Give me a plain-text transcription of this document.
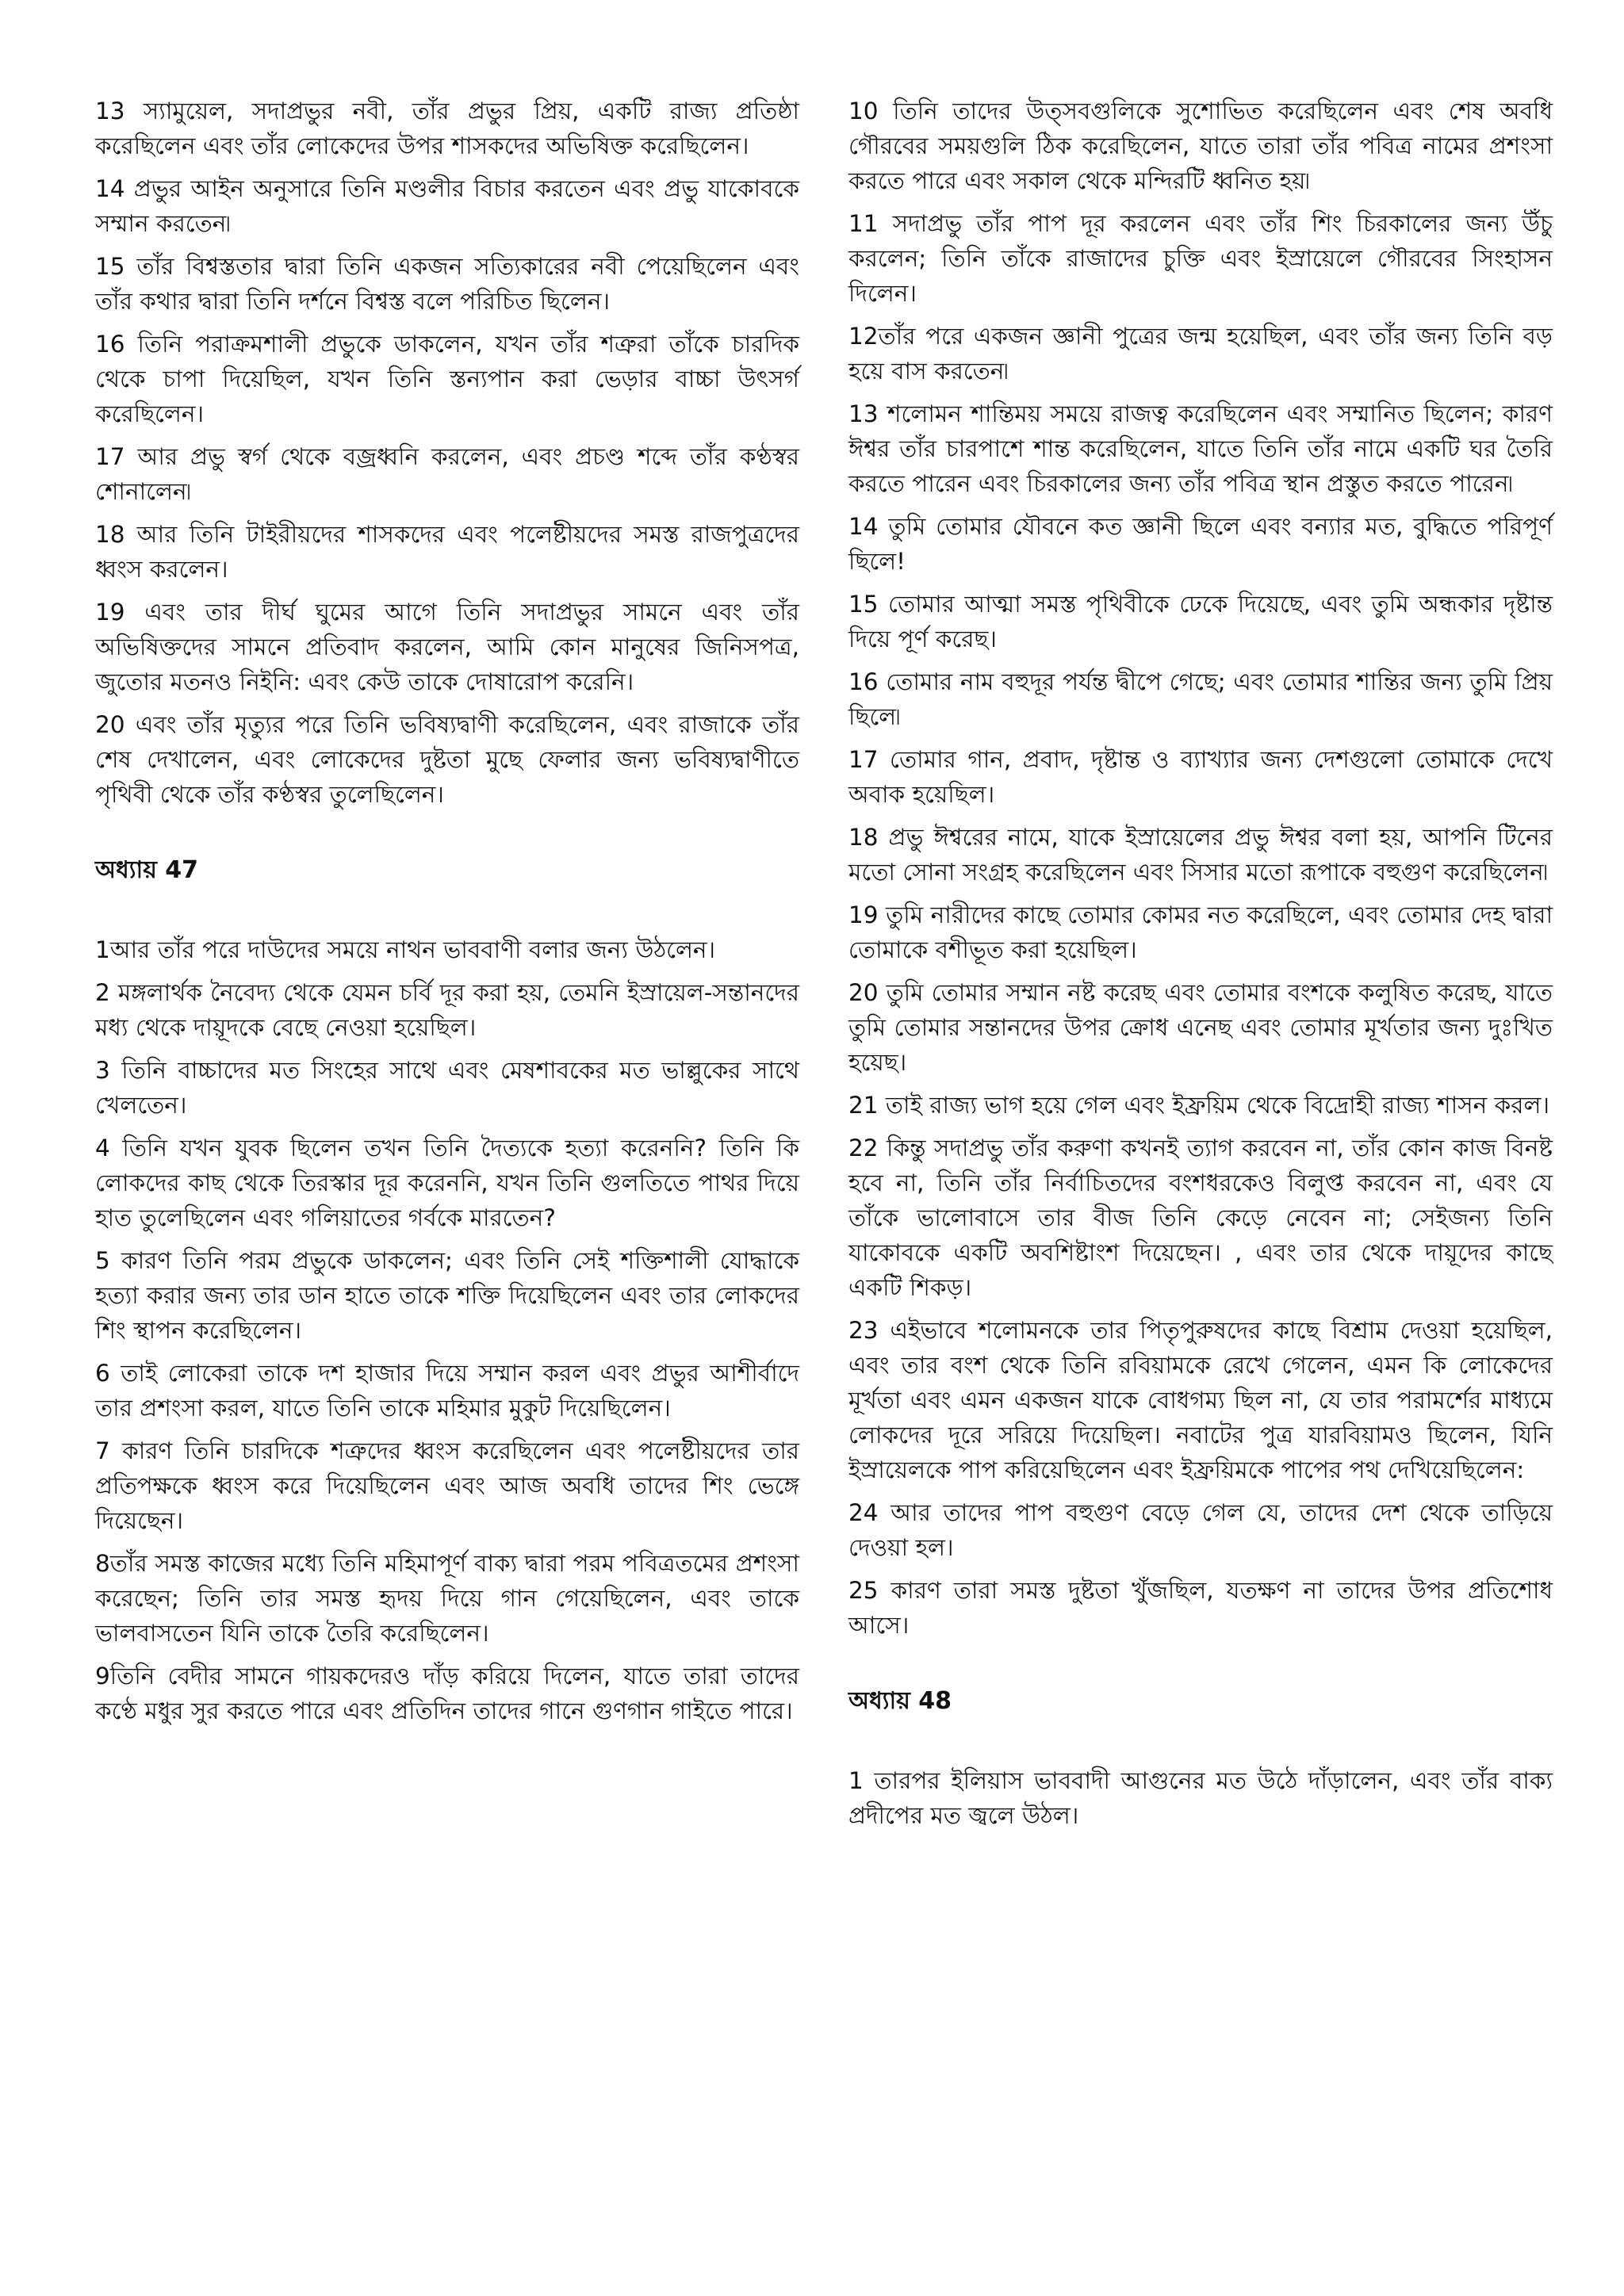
13 স্যামুয়েল, সদাপ্রভুর নবী, তাঁর প্রভুর প্রিয়, একটি রাজ্য প্রতিষ্ঠা করেছিলেন এবং তাঁর লোকেদের উপর শাসকদের অভিষিক্ত করেছিলেন।

14 প্রভুর আইন অনুসারে তিনি মণ্ডলীর বিচার করতেন এবং প্রভু যাকোবকে সম্মান করতেন৷

15 তাঁর বিশ্বস্ততার দ্বারা তিনি একজন সত্যিকারের নবী পেয়েছিলেন এবং তাঁর কথার দ্বারা তিনি দর্শনে বিশ্বস্ত বলে পরিচিত ছিলেন।

16 তিনি পরাক্রমশালী প্রভুকে ডাকলেন, যখন তাঁর শত্রুরা তাঁকে চারদিক থেকে চাপা দিয়েছিল, যখন তিনি স্তন্যপান করা ভেড়ার বাচ্চা উৎসর্গ করেছিলেন।

17 আর প্রভু স্বর্গ থেকে বজ্রধ্বনি করলেন, এবং প্রচণ্ড শব্দে তাঁর কণ্ঠস্বর শোনালেন৷

18 আর তিনি টাইরীয়দের শাসকদের এবং পলেষ্টীয়দের সমস্ত রাজপুত্রদের ধ্বংস করলেন।

19 এবং তার দীর্ঘ ঘুমের আগে তিনি সদাপ্রভুর সামনে এবং তাঁর অভিষিক্তদের সামনে প্রতিবাদ করলেন, আমি কোন মানুষের জিনিসপত্র, জুতোর মতনও নিইনি: এবং কেউ তাকে দোষারোপ করেনি।

20 এবং তাঁর মৃত্যুর পরে তিনি ভবিষ্যদ্বাণী করেছিলেন, এবং রাজাকে তাঁর শেষ দেখালেন, এবং লোকেদের দুষ্টতা মুছে ফেলার জন্য ভবিষ্যদ্বাণীতে পৃথিবী থেকে তাঁর কণ্ঠস্বর তুলেছিলেন।

অধ্যায় 47

1আর তাঁর পরে দাউদের সময়ে নাথন ভাববাণী বলার জন্য উঠলেন।

2 মঙ্গলার্থক নৈবেদ্য থেকে যেমন চর্বি দূর করা হয়, তেমনি ইস্রায়েল-সন্তানদের মধ্য থেকে দায়ূদকে বেছে নেওয়া হয়েছিল।

3 তিনি বাচ্চাদের মত সিংহের সাথে এবং মেষশাবকের মত ভাল্লুকের সাথে খেলতেন।

4 তিনি যখন যুবক ছিলেন তখন তিনি দৈত্যকে হত্যা করেননি? তিনি কি লোকদের কাছ থেকে তিরস্কার দূর করেননি, যখন তিনি গুলতিতে পাথর দিয়ে হাত তুলেছিলেন এবং গলিয়াতের গর্বকে মারতেন?

5 কারণ তিনি পরম প্রভুকে ডাকলেন; এবং তিনি সেই শক্তিশালী যোদ্ধাকে হত্যা করার জন্য তার ডান হাতে তাকে শক্তি দিয়েছিলেন এবং তার লোকদের শিং স্থাপন করেছিলেন।

6 তাই লোকেরা তাকে দশ হাজার দিয়ে সম্মান করল এবং প্রভুর আশীর্বাদে তার প্রশংসা করল, যাতে তিনি তাকে মহিমার মুকুট দিয়েছিলেন।

7 কারণ তিনি চারদিকে শত্রুদের ধ্বংস করেছিলেন এবং পলেষ্টীয়দের তার প্রতিপক্ষকে ধ্বংস করে দিয়েছিলেন এবং আজ অবধি তাদের শিং ভেঙ্গে দিয়েছেন।

8তাঁর সমস্ত কাজের মধ্যে তিনি মহিমাপূর্ণ বাক্য দ্বারা পরম পবিত্রতমের প্রশংসা করেছেন; তিনি তার সমস্ত হৃদয় দিয়ে গান গেয়েছিলেন, এবং তাকে ভালবাসতেন যিনি তাকে তৈরি করেছিলেন।

9তিনি বেদীর সামনে গায়কদেরও দাঁড় করিয়ে দিলেন, যাতে তারা তাদের কণ্ঠে মধুর সুর করতে পারে এবং প্রতিদিন তাদের গানে গুণগান গাইতে পারে।

10 তিনি তাদের উত্সবগুলিকে সুশোভিত করেছিলেন এবং শেষ অবধি গৌরবের সময়গুলি ঠিক করেছিলেন, যাতে তারা তাঁর পবিত্র নামের প্রশংসা করতে পারে এবং সকাল থেকে মন্দিরটি ধ্বনিত হয়৷

11 সদাপ্রভু তাঁর পাপ দূর করলেন এবং তাঁর শিং চিরকালের জন্য উঁচু করলেন; তিনি তাঁকে রাজাদের চুক্তি এবং ইস্রায়েলে গৌরবের সিংহাসন দিলেন।

12তাঁর পরে একজন জ্ঞানী পুত্রের জন্ম হয়েছিল, এবং তাঁর জন্য তিনি বড় হয়ে বাস করতেন৷

13 শলোমন শান্তিময় সময়ে রাজত্ব করেছিলেন এবং সম্মানিত ছিলেন; কারণ ঈশ্বর তাঁর চারপাশে শান্ত করেছিলেন, যাতে তিনি তাঁর নামে একটি ঘর তৈরি করতে পারেন এবং চিরকালের জন্য তাঁর পবিত্র স্থান প্রস্তুত করতে পারেন৷

14 তুমি তোমার যৌবনে কত জ্ঞানী ছিলে এবং বন্যার মত, বুদ্ধিতে পরিপূর্ণ ছিলে!

15 তোমার আত্মা সমস্ত পৃথিবীকে ঢেকে দিয়েছে, এবং তুমি অন্ধকার দৃষ্টান্ত দিয়ে পূর্ণ করেছ।

16 তোমার নাম বহুদূর পর্যন্ত দ্বীপে গেছে; এবং তোমার শান্তির জন্য তুমি প্রিয় ছিলে৷

17 তোমার গান, প্রবাদ, দৃষ্টান্ত ও ব্যাখ্যার জন্য দেশগুলো তোমাকে দেখে অবাক হয়েছিল।

18 প্রভু ঈশ্বরের নামে, যাকে ইস্রায়েলের প্রভু ঈশ্বর বলা হয়, আপনি টিনের মতো সোনা সংগ্রহ করেছিলেন এবং সিসার মতো রূপাকে বহুগুণ করেছিলেন৷

19 তুমি নারীদের কাছে তোমার কোমর নত করেছিলে, এবং তোমার দেহ দ্বারা তোমাকে বশীভূত করা হয়েছিল।

20 তুমি তোমার সম্মান নষ্ট করেছ এবং তোমার বংশকে কলুষিত করেছ, যাতে তুমি তোমার সন্তানদের উপর ক্রোধ এনেছ এবং তোমার মূর্খতার জন্য দুঃখিত হয়েছ।

21 তাই রাজ্য ভাগ হয়ে গেল এবং ইফ্রয়িম থেকে বিদ্রোহী রাজ্য শাসন করল।

22 কিন্তু সদাপ্রভু তাঁর করুণা কখনই ত্যাগ করবেন না, তাঁর কোন কাজ বিনষ্ট হবে না, তিনি তাঁর নির্বাচিতদের বংশধরকেও বিলুপ্ত করবেন না, এবং যে তাঁকে ভালোবাসে তার বীজ তিনি কেড়ে নেবেন না; সেইজন্য তিনি যাকোবকে একটি অবশিষ্টাংশ দিয়েছেন। , এবং তার থেকে দায়ূদের কাছে একটি শিকড়।

23 এইভাবে শলোমনকে তার পিতৃপুরুষদের কাছে বিশ্রাম দেওয়া হয়েছিল, এবং তার বংশ থেকে তিনি রবিয়ামকে রেখে গেলেন, এমন কি লোকেদের মূর্খতা এবং এমন একজন যাকে বোধগম্য ছিল না, যে তার পরামর্শের মাধ্যমে লোকদের দূরে সরিয়ে দিয়েছিল। নবাটের পুত্র যারবিয়ামও ছিলেন, যিনি ইস্রায়েলকে পাপ করিয়েছিলেন এবং ইফ্রয়িমকে পাপের পথ দেখিয়েছিলেন:

24 আর তাদের পাপ বহুগুণ বেড়ে গেল যে, তাদের দেশ থেকে তাড়িয়ে দেওয়া হল।

25 কারণ তারা সমস্ত দুষ্টতা খুঁজছিল, যতক্ষণ না তাদের উপর প্রতিশোধ আসে।

অধ্যায় 48

1 তারপর ইলিয়াস ভাববাদী আগুনের মত উঠে দাঁড়ালেন, এবং তাঁর বাক্য প্রদীপের মত জ্বলে উঠল।
